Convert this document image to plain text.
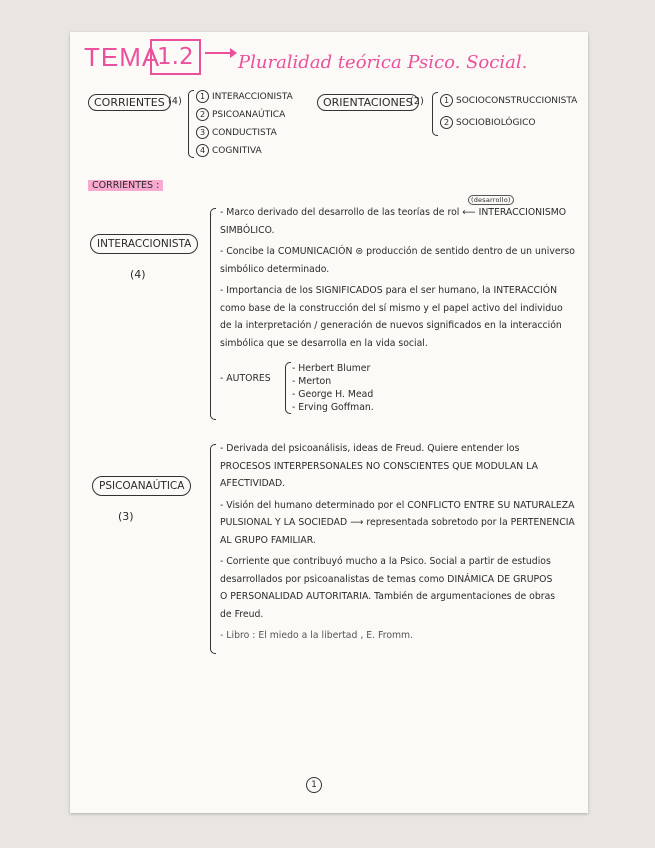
TEMA
1.2	Pluralidad teórica Psico. Social.
CORRIENTES (4)	1 INTERACCIONISTA
2 PSICOANAÚTICA
3 CONDUCTISTA
4 COGNITIVA
ORIENTACIONES
(2)	1 SOCIOCONSTRUCCIONISTA
2 SOCIOBIOLÓGICO
CORRIENTES :
INTERACCIONISTA
(4)
(desarrollo)
- Marco derivado del desarrollo de las teorías de rol ⟵ INTERACCIONISMO
SIMBÓLICO.
- Concibe la COMUNICACIÓN ⊜ producción de sentido dentro de un universo
simbólico determinado.
- Importancia de los SIGNIFICADOS para el ser humano, la INTERACCIÓN
como base de la construcción del sí mismo y el papel activo del individuo
de la interpretación / generación de nuevos significados en la interacción
simbólica que se desarrolla en la vida social.
- AUTORES
- Herbert Blumer
- Merton
- George H. Mead
- Erving Goffman.
PSICOANAÚTICA
(3)
- Derivada del psicoanálisis, ideas de Freud. Quiere entender los
PROCESOS INTERPERSONALES NO CONSCIENTES QUE MODULAN LA
AFECTIVIDAD.
- Visión del humano determinado por el CONFLICTO ENTRE SU NATURALEZA
PULSIONAL Y LA SOCIEDAD ⟶ representada sobretodo por la PERTENENCIA
AL GRUPO FAMILIAR.
- Corriente que contribuyó mucho a la Psico. Social a partir de estudios
desarrollados por psicoanalistas de temas como DINÁMICA DE GRUPOS
O PERSONALIDAD AUTORITARIA. También de argumentaciones de obras
de Freud.
- Libro : El miedo a la libertad , E. Fromm.
1
